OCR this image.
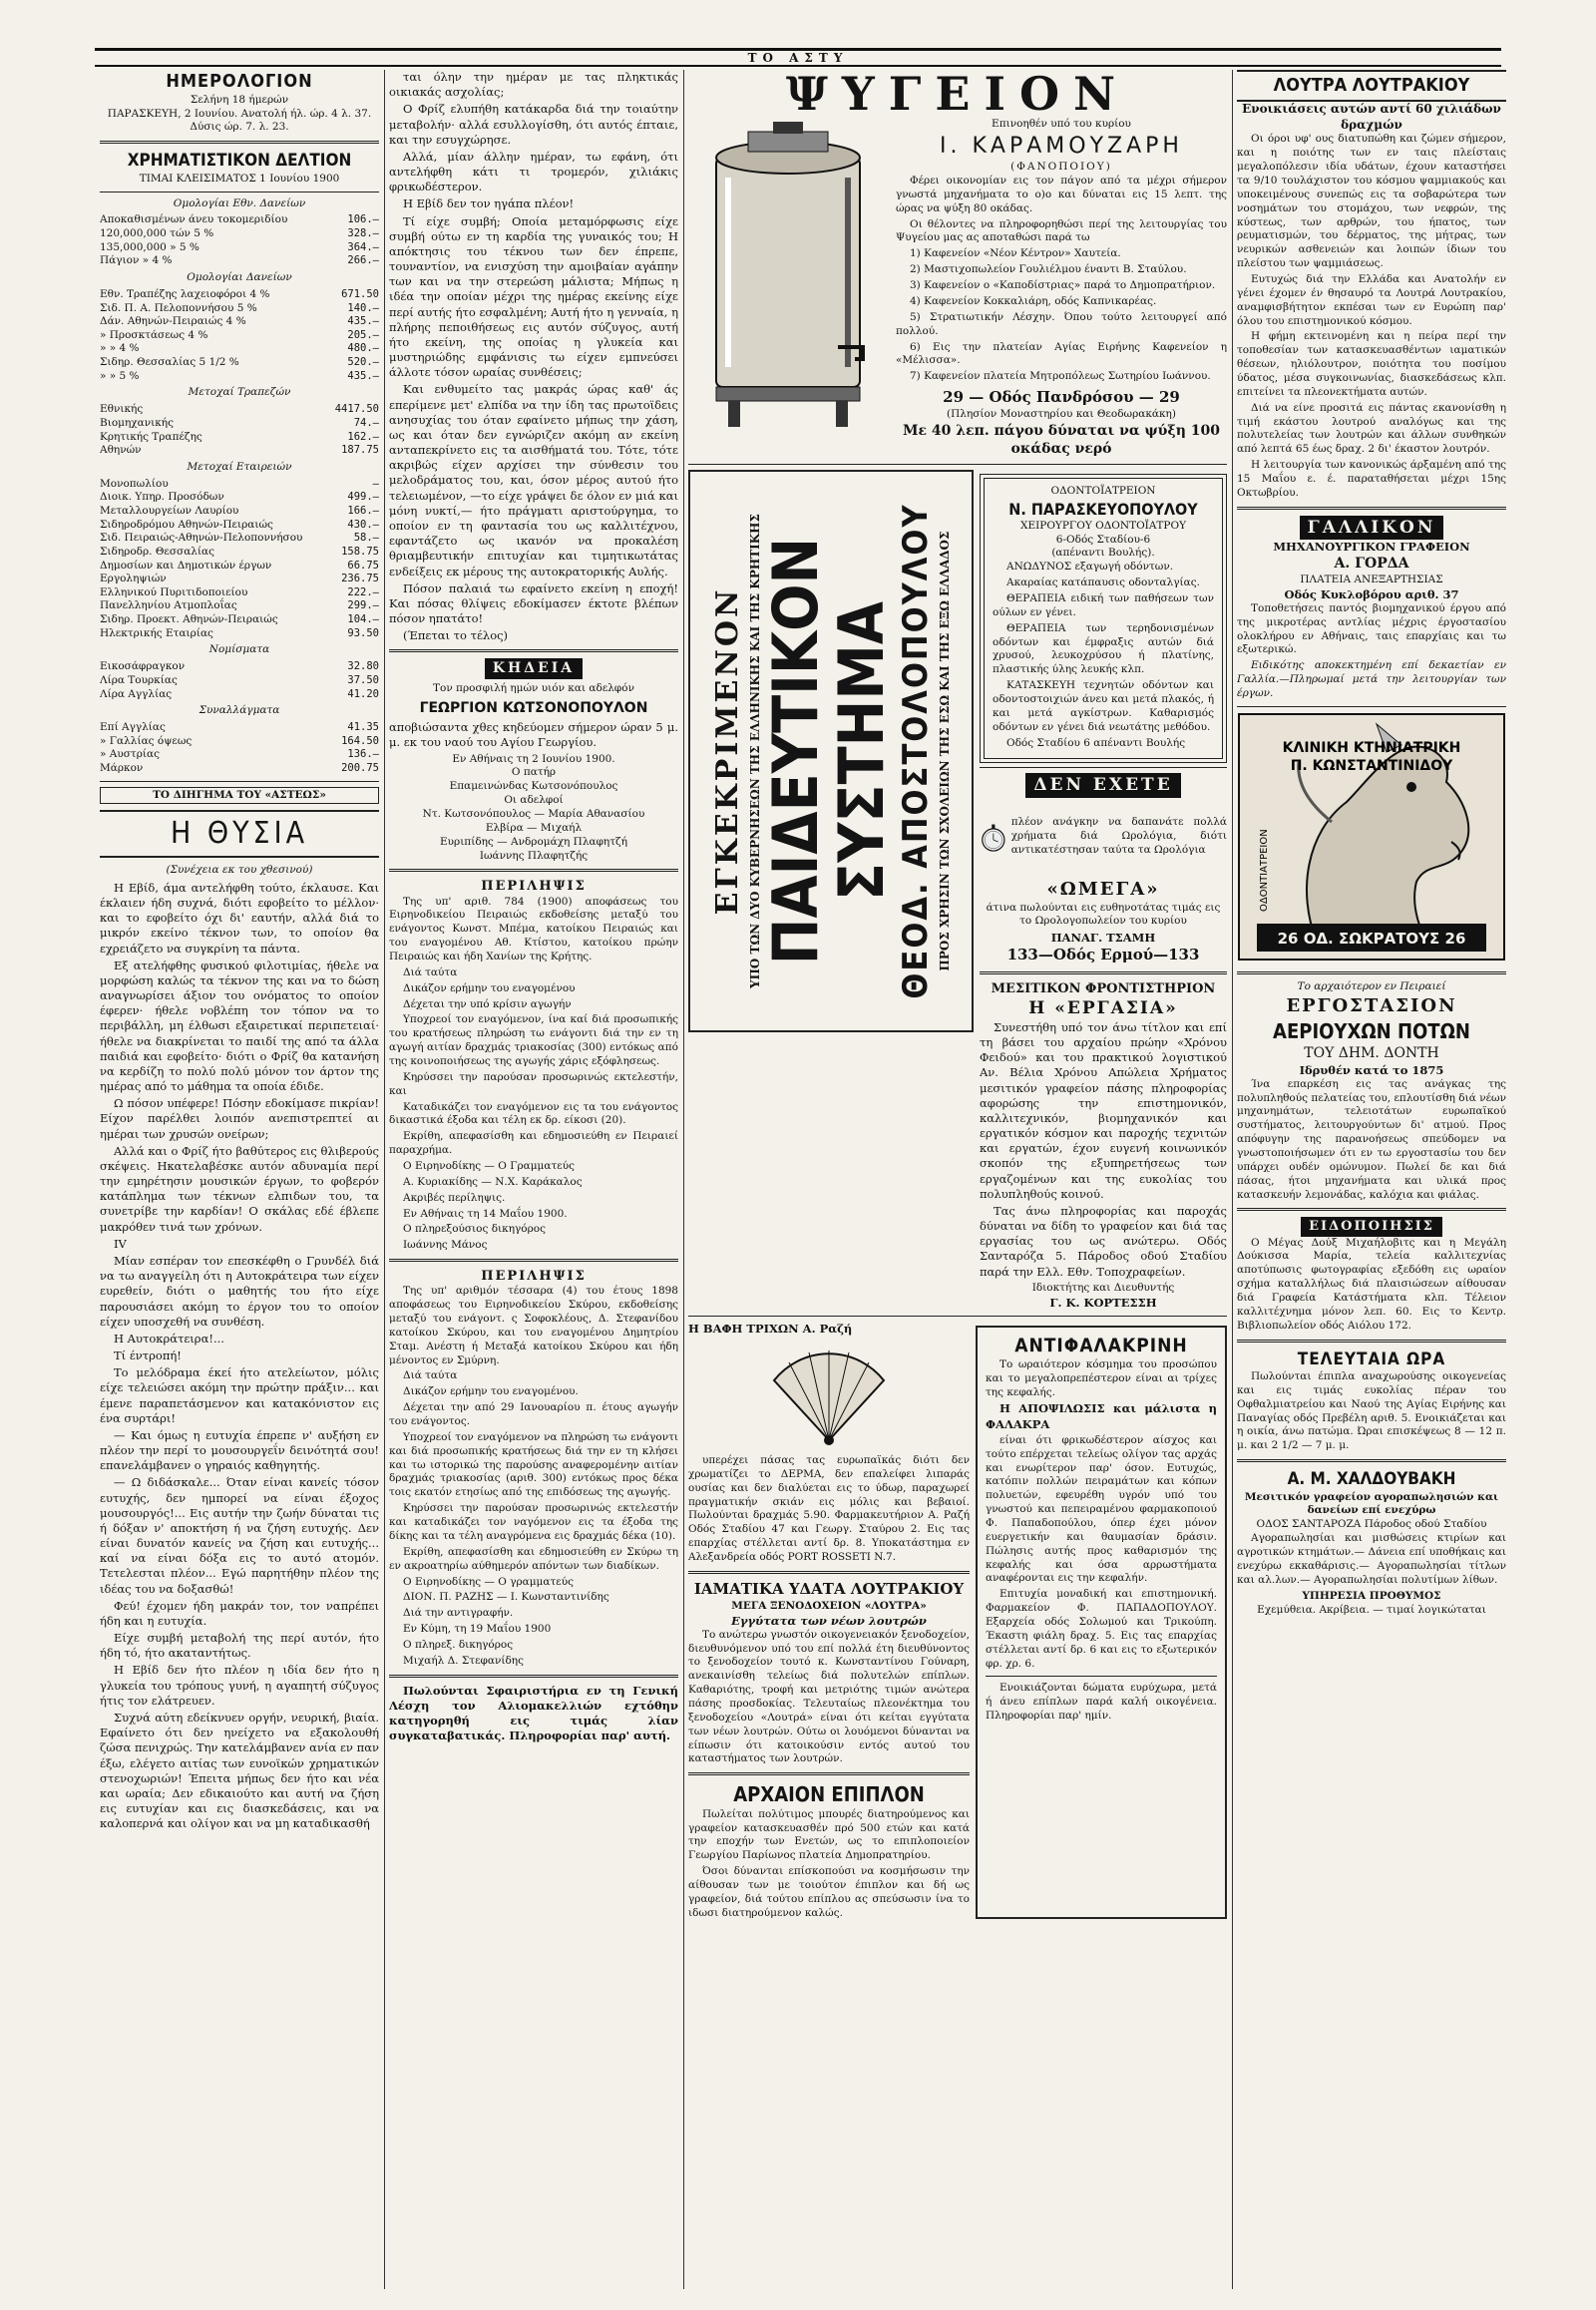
ΤΟ ΑΣΤΥ
ΗΜΕΡΟΛΟΓΙΟΝ
Σελήνη 18 ήμερών
ΠΑΡΑΣΚΕΥΗ, 2 Ιουνίου. Ανατολή ήλ. ώρ. 4 λ. 37. Δύσις ώρ. 7. λ. 23.
ΧΡΗΜΑΤΙΣΤΙΚΟΝ ΔΕΛΤΙΟΝ
ΤΙΜΑΙ ΚΛΕΙΣΙΜΑΤΟΣ 1 Ιουνίου 1900
Ομολογίαι Εθν. Δανείων
Αποκαθισμένων άνευ τοκομεριδίου	106.—
120,000,000 τών 5 %	328.—
135,000,000 » 5 %	364.—
Πάγιον » 4 %	266.—
Ομολογίαι Δανείων
Εθν. Τραπέζης λαχειοφόροι 4 %	671.50
Σιδ. Π. Α. Πελοποννήσου 5 %	140.—
Δάν. Αθηνών-Πειραιώς 4 %	435.—
» Προσκτάσεως 4 %	205.—
» » 4 %	480.—
Σιδηρ. Θεσσαλίας 5 1/2 %	520.—
» » 5 %	435.—
Μετοχαί Τραπεζών
Εθνικής	4417.50
Βιομηχανικής	74.—
Κρητικής Τραπέζης	162.—
Αθηνών	187.75
Μετοχαί Εταιρειών
Μονοπωλίου	—
Διοικ. Υπηρ. Προσόδων	499.—
Μεταλλουργείων Λαυρίου	166.—
Σιδηροδρόμου Αθηνών-Πειραιώς	430.—
Σιδ. Πειραιώς-Αθηνών-Πελοποννήσου	58.—
Σιδηροδρ. Θεσσαλίας	158.75
Δημοσίων και Δημοτικών έργων	66.75
Εργοληψιών	236.75
Ελληνικού Πυριτιδοποιείου	222.—
Πανελληνίου Ατμοπλοΐας	299.—
Σιδηρ. Προεκτ. Αθηνών-Πειραιώς	104.—
Ηλεκτρικής Εταιρίας	93.50
Νομίσματα
Εικοσάφραγκον	32.80
Λίρα Τουρκίας	37.50
Λίρα Αγγλίας	41.20
Συναλλάγματα
Επί Αγγλίας	41.35
» Γαλλίας όψεως	164.50
» Αυστρίας	136.—
Μάρκον	200.75
ΤΟ ΔΙΗΓΗΜΑ ΤΟΥ «ΑΣΤΕΩΣ»
Η ΘΥΣΙΑ
(Συνέχεια εκ του χθεσινού)

Η Εβίδ, άμα αντελήφθη τούτο, έκλαυσε. Και έκλαιεν ήδη συχνά, διότι εφοβείτο το μέλλον· και το εφοβείτο όχι δι' εαυτήν, αλλά διά το μικρόν εκείνο τέκνον των, το οποίον θα εχρειάζετο να συγκρίνη τα πάντα.

Εξ ατελήφθης φυσικού φιλοτιμίας, ήθελε να μορφώση καλώς τα τέκνον της και να το δώση αναγνωρίσει άξιον του ονόματος το οποίον έφερεν· ήθελε νοβλέπη τον τόπον να το περιβάλλη, μη έλθωσι εξαιρετικαί περιπετειαί· ήθελε να διακρίνεται το παιδί της από τα άλλα παιδιά και εφοβείτο· διότι ο Φρίζ θα κατανήση να κερδίζη το πολύ πολύ μόνον τον άρτον της ημέρας από το μάθημα τα οποία έδιδε.

Ω πόσον υπέφερε! Πόσην εδοκίμασε πικρίαν! Είχον παρέλθει λοιπόν ανεπιστρεπτεί αι ημέραι των χρυσών ονείρων;

Αλλά και ο Φρίζ ήτο βαθύτερος εις θλιβερούς σκέψεις. Ηκατελαβέσκε αυτόν αδυναμία περί την εμηρέτησιν μουσικών έργων, το φοβερόν κατάπλημα των τέκνων ελπιδων του, τα συνετρίβε την καρδίαν! Ο σκάλας εδέ έβλεπε μακρόθεν τινά των χρόνων.

IV

Μίαν εσπέραν τον επεσκέφθη ο Γρυνδέλ διά να τω αναγγείλη ότι η Αυτοκράτειρα των είχεν ευρεθείν, διότι ο μαθητής του ήτο είχε παρουσιάσει ακόμη το έργον του το οποίον είχεν υποσχεθή να συνθέση.

Η Αυτοκράτειρα!...

Τί έντροπή!

Το μελόδραμα έκεί ήτο ατελείωτον, μόλις είχε τελειώσει ακόμη την πρώτην πράξιν... και έμενε παραπετάσμενον και κατακόνιστον εις ένα συρτάρι!

— Και όμως η ευτυχία έπρεπε ν' αυξήση εν πλέον την περί το μουσουργεΐν δεινότητά σου! επανελάμβανεν ο γηραιός καθηγητής.

— Ω διδάσκαλε... Όταν είναι κανείς τόσον ευτυχής, δεν ημπορεί να είναι έξοχος μουσουργός!... Εις αυτήν την ζωήν δύναται τις ή δόξαν ν' αποκτήση ή να ζήση ευτυχής. Δεν είναι δυνατόν κανείς να ζήση και ευτυχής... καί να είναι δόξα εις το αυτό ατομόν. Τετελεσται πλέον... Εγώ παρητήθην πλέον της ιδέας του να δοξασθώ!

Φεύ! έχομεν ήδη μακράν τον, τον ναπρέπει ήδη και η ευτυχία.

Είχε συμβή μεταβολή της περί αυτόν, ήτο ήδη τό, ήτο ακαταντήτως.

Η Εβίδ δεν ήτο πλέον η ιδία δεν ήτο η γλυκεία του τρόπους γυνή, η αγαπητή σύζυγος ήτις τον ελάτρευεν.

Συχνά αύτη εδείκνυεν οργήν, νευρική, βιαία. Εφαίνετο ότι δεν ηνείχετο να εξακολουθή ζώσα πενιχρώς. Την κατελάμβανεν ανία εν παν έξω, ελέγετο αιτίας των ευνοϊκών χρηματικών στενοχωριών! Έπειτα μήπως δεν ήτο και νέα και ωραία; Δεν εδικαιούτο και αυτή να ζήση εις ευτυχίαν και εις διασκεδάσεις, και να καλοπερνά και ολίγον και να μη καταδικασθή

ται όλην την ημέραν με τας πληκτικάς οικιακάς ασχολίας;

Ο Φρίζ ελυπήθη κατάκαρδα διά την τοιαύτην μεταβολήν· αλλά εσυλλογίσθη, ότι αυτός έπταιε, και την εσυγχώρησε.

Αλλά, μίαν άλλην ημέραν, τω εφάνη, ότι αντελήφθη κάτι τι τρομερόν, χιλιάκις φρικωδέστερον.

Η Εβίδ δεν τον ηγάπα πλέον!

Τί είχε συμβή; Οποία μεταμόρφωσις είχε συμβή ούτω εν τη καρδία της γυναικός του; Η απόκτησις του τέκνου των δεν έπρεπε, τουναντίον, να ενισχύση την αμοιβαίαν αγάπην των και να την στερεώση μάλιστα; Μήπως η ιδέα την οποίαν μέχρι της ημέρας εκείνης είχε περί αυτής ήτο εσφαλμένη; Αυτή ήτο η γενναία, η πλήρης πεποιθήσεως εις αυτόν σύζυγος, αυτή ήτο εκείνη, της οποίας η γλυκεία και μυστηριώδης εμφάνισις τω είχεν εμπνεύσει άλλοτε τόσον ωραίας συνθέσεις;

Και ενθυμείτο τας μακράς ώρας καθ' άς επερίμενε μετ' ελπίδα να την ίδη τας πρωτοϊδεις ανησυχίας του όταν εφαίνετο μήπως την χάση, ως και όταν δεν εγνώριζεν ακόμη αν εκείνη ανταπεκρίνετο εις τα αισθήματά του. Τότε, τότε ακριβώς είχεν αρχίσει την σύνθεσιν του μελοδράματος του, και, όσον μέρος αυτού ήτο τελειωμένον, —το είχε γράψει δε όλον εν μιά και μόνη νυκτί,— ήτο πράγματι αριστούργημα, το οποίον εν τη φαντασία του ως καλλιτέχνου, εφαντάζετο ως ικανόν να προκαλέση θριαμβευτικήν επιτυχίαν και τιμητικωτάτας ενδείξεις εκ μέρους της αυτοκρατορικής Αυλής.

Πόσον παλαιά τω εφαίνετο εκείνη η εποχή! Και πόσας θλίψεις εδοκίμασεν έκτοτε βλέπων πόσον ηπατάτο!

(Έπεται το τέλος)

ΚΗΔΕΙΑ
Τον προσφιλή ημών υιόν και αδελφόν
ΓΕΩΡΓΙΟΝ ΚΩΤΣΟΝΟΠΟΥΛΟΝ

αποβιώσαντα χθες κηδεύομεν σήμερον ώραν 5 μ. μ. εκ του ναού του Αγίου Γεωργίου.

Εν Αθήναις τη 2 Ιουνίου 1900.
Ο πατήρ
Επαμεινώνδας Κωτσονόπουλος
Οι αδελφοί
Ντ. Κωτσονόπουλος — Μαρία Αθανασίου
Ελβίρα — Μιχαήλ
Ευριπίδης — Ανδρομάχη Πλαφητζή
Ιωάννης Πλαφητζής
ΠΕΡΙΛΗΨΙΣ

Της υπ' αριθ. 784 (1900) αποφάσεως του Ειρηνοδικείου Πειραιώς εκδοθείσης μεταξύ του ενάγοντος Κωνστ. Μπέμα, κατοίκου Πειραιώς και του εναγομένου Αθ. Κτίστου, κατοίκου πρώην Πειραιώς και ήδη Χανίων της Κρήτης.

Διά ταύτα

Δικάζον ερήμην του εναγομένου

Δέχεται την υπό κρίσιν αγωγήν

Υποχρεοί τον εναγόμενον, ίνα καί διά προσωπικής του κρατήσεως πληρώση τω ενάγοντι διά την εν τη αγωγή αιτίαν δραχμάς τριακοσίας (300) εντόκως από της κοινοποιήσεως της αγωγής χάρις εξόφλησεως.

Κηρύσσει την παρούσαν προσωρινώς εκτελεστήν, και

Καταδικάζει τον εναγόμενον εις τα του ενάγοντος δικαστικά έξοδα και τέλη εκ δρ. είκοσι (20).

Εκρίθη, απεφασίσθη και εδημοσιεύθη εν Πειραιεί παραχρήμα.

Ο Ειρηνοδίκης — Ο Γραμματεύς

Α. Κυριακίδης — Ν.Χ. Καράκαλος

Ακριβές περίληψις.

Εν Αθήναις τη 14 Μαΐου 1900.

Ο πληρεξούσιος δικηγόρος

Ιωάννης Μάνος

ΠΕΡΙΛΗΨΙΣ

Της υπ' αριθμόν τέσσαρα (4) του έτους 1898 αποφάσεως του Ειρηνοδικείου Σκύρου, εκδοθείσης μεταξύ του ενάγοντ. ς Σοφοκλέους, Δ. Στεφανίδου κατοίκου Σκύρου, και του εναγομένου Δημητρίου Σταμ. Ανέστη ή Μεταξά κατοίκου Σκύρου και ήδη μένοντος εν Σμύρνη.

Διά ταύτα

Δικάζον ερήμην του εναγομένου.

Δέχεται την από 29 Ιανουαρίου π. έτους αγωγήν του ενάγοντος.

Υποχρεοί τον εναγόμενον να πληρώση τω ενάγοντι και διά προσωπικής κρατήσεως διά την εν τη κλήσει και τω ιστορικώ της παρούσης αναφερομένην αιτίαν δραχμάς τριακοσίας (αριθ. 300) εντόκως προς δέκα τοις εκατόν ετησίως από της επιδόσεως της αγωγής.

Κηρύσσει την παρούσαν προσωρινώς εκτελεστήν και καταδικάζει τον ναγόμενον εις τα έξοδα της δίκης και τα τέλη αναγρόμενα εις δραχμάς δέκα (10).

Εκρίθη, απεφασίσθη και εδημοσιεύθη εν Σκύρω τη εν ακροατηρίω αύθημερόν απόντων των διαδίκων.

Ο Ειρηνοδίκης — Ο γραμματεύς

ΔΙΟΝ. Π. ΡΑΖΗΣ — Ι. Κωνσταντινίδης

Διά την αντιγραφήν.

Εν Κύμη, τη 19 Μαΐου 1900

Ο πληρεξ. δικηγόρος

Μιχαήλ Δ. Στεφανίδης

Πωλούνται Σφαιριστήρια εν τη Γενική Λέσχη τον Αλιομακελλιών εχτόθην κατηγορηθή εις τιμάς λίαν συγκαταβατικάς. Πληροφορίαι παρ' αυτή.

ΨΥΓΕΙΟΝ
Επινοηθέν υπό του κυρίου
Ι. ΚΑΡΑΜΟΥΖΑΡΗ
(ΦΑΝΟΠΟΙΟΥ)

Φέρει οικονομίαν εις τον πάγον από τα μέχρι σήμερον γνωστά μηχανήματα το ο)ο και δύναται εις 15 λεπτ. της ώρας να ψύξη 80 οκάδας.

Οι θέλοντες να πληροφορηθώσι περί της λειτουργίας του Ψυγείου μας ας αποταθώσι παρά τω

1) Καφενείον «Νέον Κέντρον» Χαυτεία.

2) Μαστιχοπωλείον Γουλιέλμου έναντι Β. Σταύλου.

3) Καφενείον ο «Καποδίστριας» παρά το Δημοπρατήριον.

4) Καφενείον Κοκκαλιάρη, οδός Καπνικαρέας.

5) Στρατιωτικήν Λέσχην. Όπου τούτο λειτουργεί από πολλού.

6) Εις την πλατείαν Αγίας Ειρήνης Καφενείον η «Μέλισσα».

7) Καφενείον πλατεία Μητροπόλεως Σωτηρίου Ιωάννου.

29 — Οδός Πανδρόσου — 29
(Πλησίον Μοναστηρίου και Θεοδωρακάκη)
Με 40 λεπ. πάγου δύναται να ψύξη 100 οκάδας νερό
ΕΓΚΕΚΡΙΜΕΝΟΝ ΥΠΟ ΤΩΝ ΔΥΟ ΚΥΒΕΡΝΗΣΕΩΝ ΤΗΣ ΕΛΛΗΝΙΚΗΣ ΚΑΙ ΤΗΣ ΚΡΗΤΙΚΗΣ
ΠΑΙΔΕΥΤΙΚΟΝ ΣΥΣΤΗΜΑ
ΘΕΟΔ. ΑΠΟΣΤΟΛΟΠΟΥΛΟΥ ΠΡΟΣ ΧΡΗΣΙΝ ΤΩΝ ΣΧΟΛΕΙΩΝ ΤΗΣ ΕΣΩ ΚΑΙ ΤΗΣ ΕΞΩ ΕΛΛΑΔΟΣ
ΟΔΟΝΤΟΪΑΤΡΕΙΟΝ
Ν. ΠΑΡΑΣΚΕΥΟΠΟΥΛΟΥ
ΧΕΙΡΟΥΡΓΟΥ ΟΔΟΝΤΟΪΑΤΡΟΥ
6-Οδός Σταδίου-6
(απέναντι Βουλής).

ΑΝΩΔΥΝΟΣ εξαγωγή οδόντων.

Ακαραίας κατάπαυσις οδονταλγίας.

ΘΕΡΑΠΕΙΑ ειδική των παθήσεων των ούλων εν γένει.

ΘΕΡΑΠΕΙΑ των τερηδονισμένων οδόντων και έμφραξις αυτών διά χρυσού, λευκοχρύσου ή πλατίνης, πλαστικής ύλης λευκής κλπ.

ΚΑΤΑΣΚΕΥΗ τεχνητών οδόντων και οδοντοστοιχιών άνευ και μετά πλακός, ή και μετά αγκίστρων. Καθαρισμός οδόντων εν γένει διά νεωτάτης μεθόδου.

Οδός Σταδίου 6 απέναντι Βουλής

ΔΕΝ ΕΧΕΤΕ

πλέον ανάγκην να δαπανάτε πολλά χρήματα διά Ωρολόγια, διότι αντικατέστησαν ταύτα τα Ωρολόγια

«ΩΜΕΓΑ»

άτινα πωλούνται εις ευθηνοτάτας τιμάς εις το Ωρολογοπωλείον του κυρίου

ΠΑΝΑΓ. ΤΣΑΜΗ
133—Οδός Ερμού—133
ΜΕΣΙΤΙΚΟΝ ΦΡΟΝΤΙΣΤΗΡΙΟΝ
Η «ΕΡΓΑΣΙΑ»

Συνεστήθη υπό τον άνω τίτλον και επί τη βάσει του αρχαίου πρώην «Χρόνου Φειδού» και του πρακτικού λογιστικού Αν. Βέλια Χρόνου Απώλεια Χρήματος μεσιτικόν γραφείον πάσης πληροφορίας αφορώσης την επιστημονικόν, καλλιτεχνικόν, βιομηχανικόν και εργατικόν κόσμον και παροχής τεχνιτών και εργατών, έχον ευγενή κοινωνικόν σκοπόν της εξυπηρετήσεως των εργαζομένων και της ευκολίας του πολυπληθούς κοινού.

Τας άνω πληροφορίας και παροχάς δύναται να δίδη το γραφείον και διά τας εργασίας του ως ανώτερω. Οδός Σανταρόζα 5. Πάροδος οδού Σταδίου παρά την Ελλ. Εθν. Τοποχραφείων.

Ιδιοκτήτης και Διευθυντής
Γ. Κ. ΚΟΡΤΕΣΣΗ
Η ΒΑΦΗ ΤΡΙΧΩΝ Α. Ραζή

υπερέχει πάσας τας ευρωπαϊκάς διότι δεν χρωματίζει το ΔΕΡΜΑ, δεν επαλείφει λιπαράς ουσίας και δεν διαλύεται εις το ύδωρ, παραχωρεί πραγματικήν σκιάν εις μόλις και βεβαιοί. Πωλούνται δραχμάς 5.90. Φαρμακευτήριον Α. Ραζή Οδός Σταδίου 47 και Γεωργ. Σταύρου 2. Εις τας επαρχίας στέλλεται αντί δρ. 8. Υποκατάστημα εν Αλεξανδρεία οδός PORT ROSSETI N.7.

ΙΑΜΑΤΙΚΑ ΥΔΑΤΑ ΛΟΥΤΡΑΚΙΟΥ
ΜΕΓΑ ΞΕΝΟΔΟΧΕΙΟΝ «ΛΟΥΤΡΑ»
Εγγύτατα των νέων λουτρών

Το ανώτερω γνωστόν οικογενειακόν ξενοδοχείον, διευθυνόμενον υπό του επί πολλά έτη διευθύνοντος το ξενοδοχείον τουτό κ. Κωνσταντίνου Γούναρη, ανεκαινίσθη τελείως διά πολυτελών επίπλων. Καθαριότης, τροφή και μετριότης τιμών ανώτερα πάσης προσδοκίας. Τελευταίως πλεονέκτημα του ξενοδοχείου «Λουτρά» είναι ότι κείται εγγύτατα των νέων λουτρών. Ούτω οι λουόμενοι δύνανται να είπωσιν ότι κατοικούσιν εντός αυτού του καταστήματος των λουτρών.

ΑΡΧΑΙΟΝ ΕΠΙΠΛΟΝ

Πωλείται πολύτιμος μπουρές διατηρούμενος και γραφείον κατασκευασθέν πρό 500 ετών και κατά την εποχήν των Ενετών, ως το επιπλοποιείον Γεωργίου Παρίωνος πλατεία Δημοπρατηρίου.

Όσοι δύνανται επίσκοπούσι να κοσμήσωσιν την αίθουσαν των με τοιούτον έπιπλον και δή ως γραφείον, διά τούτου επίπλου ας σπεύσωσιν ίνα το ιδωσι διατηρούμενον καλώς.

ΑΝΤΙΦΑΛΑΚΡΙΝΗ

Το ωραιότερον κόσμημα του προσώπου και το μεγαλοπρεπέστερον είναι αι τρίχες της κεφαλής.

Η ΑΠΟΨΙΛΩΣΙΣ και μάλιστα η ΦΑΛΑΚΡΑ

είναι ότι φρικωδέστερον αίσχος και τούτο επέρχεται τελείως ολίγον τας αρχάς και ενωρίτερον παρ' όσον. Ευτυχώς, κατόπιν πολλών πειραμάτων και κόπων πολυετών, εφευρέθη υγρόν υπό του γνωστού και πεπειραμένου φαρμακοποιού Φ. Παπαδοπούλου, όπερ έχει μόνον ευεργετικήν και θαυμασίαν δράσιν. Πώλησις αυτής προς καθαρισμόν της κεφαλής και όσα αρρωστήματα αναφέρονται εις την κεφαλήν.

Επιτυχία μοναδική και επιστημονική. Φαρμακείον Φ. ΠΑΠΑΔΟΠΟΥΛΟΥ. Εξαρχεία οδός Σολωμού και Τρικούπη. Έκαστη φιάλη δραχ. 5. Εις τας επαρχίας στέλλεται αντί δρ. 6 και εις το εξωτερικόν φρ. χρ. 6.

Ενοικιάζονται δώματα ευρύχωρα, μετά ή άνευ επίπλων παρά καλή οικογένεια. Πληροφορίαι παρ' ημίν.

ΛΟΥΤΡΑ ΛΟΥΤΡΑΚΙΟΥ
Ενοικιάσεις αυτών αντί 60 χιλιάδων δραχμών

Οι όροι υφ' ους διατυπώθη και ζώμεν σήμερον, και η ποιότης των εν ταις πλείσταις μεγαλοπόλεσιν ιδία υδάτων, έχουν καταστήσει τα 9/10 τουλάχιστον του κόσμου ψαμμιακούς και υποκειμένους συνεπώς εις τα σοβαρώτερα των νοσημάτων του στομάχου, των νεφρών, της κύστεως, των αρθρών, του ήπατος, των ρευματισμών, του δέρματος, της μήτρας, των νευρικών ασθενειών και λοιπών ίδιων του πλείστου των ψαμμιάσεως.

Ευτυχώς διά την Ελλάδα και Ανατολήν εν γένει έχομεν έν θησαυρό τα Λουτρά Λουτρακίου, αναμφισβήτητον εκπέσαι των εν Ευρώπη παρ' όλου του επιστημονικού κόσμου.

Η φήμη εκτεινομένη και η πείρα περί την τοποθεσίαν των κατασκευασθέντων ιαματικών θέσεων, ηλιόλουτρον, ποιότητα του ποσίμου ύδατος, μέσα συγκοινωνίας, διασκεδάσεως κλπ. επιτείνει τα πλεονεκτήματα αυτών.

Διά να είνε προσιτά εις πάντας εκανονίσθη η τιμή εκάστου λουτρού αναλόγως και της πολυτελείας των λουτρών και άλλων συνθηκών από λεπτά 65 έως δραχ. 2 δι' έκαστον λουτρόν.

Η λειτουργία των κανονικώς άρξαμένη από της 15 Μαΐου ε. έ. παραταθήσεται μέχρι 15ης Οκτωβρίου.

ΓΑΛΛΙΚΟΝ
ΜΗΧΑΝΟΥΡΓΙΚΟΝ ΓΡΑΦΕΙΟΝ
Α. ΓΟΡΔΑ
ΠΛΑΤΕΙΑ ΑΝΕΞΑΡΤΗΣΙΑΣ
Οδός Κυκλοβόρου αριθ. 37

Τοποθετήσεις παντός βιομηχανικού έργου από της μικροτέρας αντλίας μέχρις έργοστασίου ολοκλήρου εν Αθήναις, ταις επαρχίαις και τω εξωτερικώ.

Ειδικότης αποκεκτημένη επί δεκαετίαν εν Γαλλία.—Πληρωμαί μετά την λειτουργίαν των έργων.

ΚΛΙΝΙΚΗ ΚΤΗΝΙΑΤΡΙΚΗ
Π. ΚΩΝΣΤΑΝΤΙΝΙΔΟΥ
ΟΔΟΝΤΙΑΤΡΕΙΟΝ
26 ΟΔ. ΣΩΚΡΑΤΟΥΣ 26
Το αρχαιότερον εν Πειραιεί
ΕΡΓΟΣΤΑΣΙΟΝ
ΑΕΡΙΟΥΧΩΝ ΠΟΤΩΝ
ΤΟΥ ΔΗΜ. ΔΟΝΤΗ
Ιδρυθέν κατά το 1875

Ίνα επαρκέση εις τας ανάγκας της πολυπληθούς πελατείας του, επλουτίσθη διά νέων μηχανημάτων, τελειοτάτων ευρωπαϊκού συστήματος, λειτουργούντων δι' ατμού. Προς απόφυγην της παρανοήσεως σπεύδομεν να γνωστοποιήσωμεν ότι εν τω εργοστασίω του δεν υπάρχει ουδέν ομώνυμον. Πωλεί δε και διά πάσας, ήτοι μηχανήματα και υλικά προς κατασκευήν λεμονάδας, καλόχια και φιάλας.

ΕΙΔΟΠΟΙΗΣΙΣ

Ο Μέγας Δούξ Μιχαήλοβιτς και η Μεγάλη Δούκισσα Μαρία, τελεία καλλιτεχνίας αποτύπωσις φωτογραφίας εξεδόθη εις ωραίον σχήμα καταλλήλως διά πλαισιώσεων αίθουσαν διά Γραφεία Κατάστήματα κλπ. Τέλειον καλλιτέχνημα μόνον λεπ. 60. Εις το Κεντρ. Βιβλιοπωλείον οδός Αιόλου 172.

ΤΕΛΕΥΤΑΙΑ ΩΡΑ

Πωλούνται έπιπλα αναχωρούσης οικογενείας και εις τιμάς ευκολίας πέραν του Οφθαλμιατρείου και Ναού της Αγίας Ειρήνης και Παναγίας οδός Πρεβέλη αριθ. 5. Ενοικιάζεται και η οικία, άνω πατώμα. Ώραι επισκέψεως 8 — 12 π. μ. και 2 1/2 — 7 μ. μ.

Α. Μ. ΧΑΛΔΟΥΒΑΚΗ
Μεσιτικόν γραφείον αγοραπωλησιών και δανείων επί ενεχύρω
ΟΔΟΣ ΣΑΝΤΑΡΟΖΑ Πάροδος οδού Σταδίου

Αγοραπωλησίαι και μισθώσεις κτιρίων και αγροτικών κτημάτων.— Δάνεια επί υποθήκαις και ενεχύρω εκκαθάρισις.— Αγοραπωλησίαι τίτλων και αλ.λων.— Αγοραπωλησίαι πολυτίμων λίθων.

ΥΠΗΡΕΣΙΑ ΠΡΟΘΥΜΟΣ
Εχεμύθεια. Ακρίβεια. — τιμαί λογικώταται
